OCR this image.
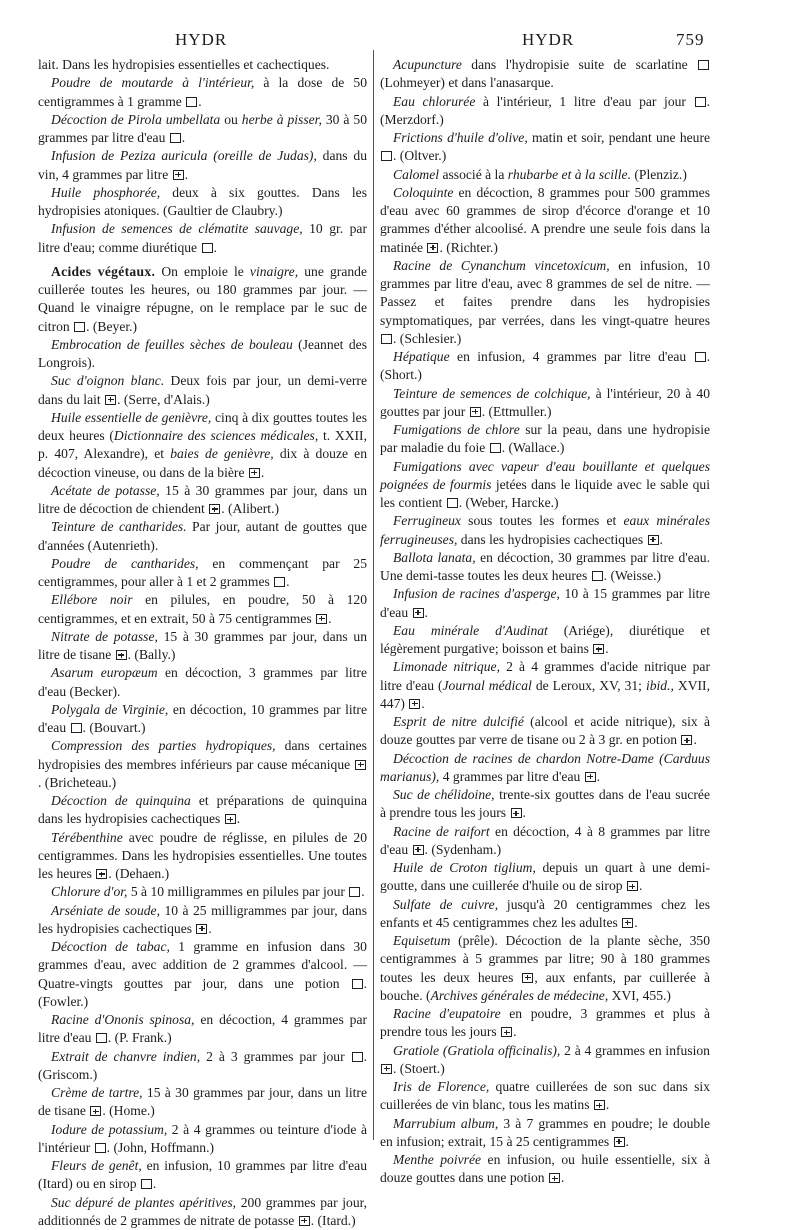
HYDR	HYDR	759

lait. Dans les hydropisies essentielles et cachectiques.

Poudre de moutarde à l'intérieur, à la dose de 50 centigrammes à 1 gramme .

Décoction de Pirola umbellata ou herbe à pisser, 30 à 50 grammes par litre d'eau .

Infusion de Peziza auricula (oreille de Judas), dans du vin, 4 grammes par litre .

Huile phosphorée, deux à six gouttes. Dans les hydropisies atoniques. (Gaultier de Claubry.)

Infusion de semences de clématite sauvage, 10 gr. par litre d'eau; comme diurétique .

Acides végétaux. On emploie le vinaigre, une grande cuillerée toutes les heures, ou 180 grammes par jour. — Quand le vinaigre répugne, on le remplace par le suc de citron . (Beyer.)

Embrocation de feuilles sèches de bouleau (Jeannet des Longrois).

Suc d'oignon blanc. Deux fois par jour, un demi-verre dans du lait . (Serre, d'Alais.)

Huile essentielle de genièvre, cinq à dix gouttes toutes les deux heures (Dictionnaire des sciences médicales, t. XXII, p. 407, Alexandre), et baies de genièvre, dix à douze en décoction vineuse, ou dans de la bière .

Acétate de potasse, 15 à 30 grammes par jour, dans un litre de décoction de chiendent . (Alibert.)

Teinture de cantharides. Par jour, autant de gouttes que d'années (Autenrieth).

Poudre de cantharides, en commençant par 25 centigrammes, pour aller à 1 et 2 grammes .

Ellébore noir en pilules, en poudre, 50 à 120 centigrammes, et en extrait, 50 à 75 centigrammes .

Nitrate de potasse, 15 à 30 grammes par jour, dans un litre de tisane . (Bally.)

Asarum europæum en décoction, 3 grammes par litre d'eau (Becker).

Polygala de Virginie, en décoction, 10 grammes par litre d'eau . (Bouvart.)

Compression des parties hydropiques, dans certaines hydropisies des membres inférieurs par cause mécanique . (Bricheteau.)

Décoction de quinquina et préparations de quinquina dans les hydropisies cachectiques .

Térébenthine avec poudre de réglisse, en pilules de 20 centigrammes. Dans les hydropisies essentielles. Une toutes les heures . (Dehaen.)

Chlorure d'or, 5 à 10 milligrammes en pilules par jour .

Arséniate de soude, 10 à 25 milligrammes par jour, dans les hydropisies cachectiques .

Décoction de tabac, 1 gramme en infusion dans 30 grammes d'eau, avec addition de 2 grammes d'alcool. — Quatre-vingts gouttes par jour, dans une potion . (Fowler.)

Racine d'Ononis spinosa, en décoction, 4 grammes par litre d'eau . (P. Frank.)

Extrait de chanvre indien, 2 à 3 grammes par jour . (Griscom.)

Crème de tartre, 15 à 30 grammes par jour, dans un litre de tisane . (Home.)

Iodure de potassium, 2 à 4 grammes ou teinture d'iode à l'intérieur . (John, Hoffmann.)

Fleurs de genêt, en infusion, 10 grammes par litre d'eau (Itard) ou en sirop .

Suc dépuré de plantes apéritives, 200 grammes par jour, additionnés de 2 grammes de nitrate de potasse . (Itard.)

Acupuncture dans l'hydropisie suite de scarlatine  (Lohmeyer) et dans l'anasarque.

Eau chlorurée à l'intérieur, 1 litre d'eau par jour . (Merzdorf.)

Frictions d'huile d'olive, matin et soir, pendant une heure . (Oltver.)

Calomel associé à la rhubarbe et à la scille. (Plenziz.)

Coloquinte en décoction, 8 grammes pour 500 grammes d'eau avec 60 grammes de sirop d'écorce d'orange et 10 grammes d'éther alcoolisé. A prendre une seule fois dans la matinée . (Richter.)

Racine de Cynanchum vincetoxicum, en infusion, 10 grammes par litre d'eau, avec 8 grammes de sel de nitre. — Passez et faites prendre dans les hydropisies symptomatiques, par verrées, dans les vingt-quatre heures . (Schlesier.)

Hépatique en infusion, 4 grammes par litre d'eau . (Short.)

Teinture de semences de colchique, à l'intérieur, 20 à 40 gouttes par jour . (Ettmuller.)

Fumigations de chlore sur la peau, dans une hydropisie par maladie du foie . (Wallace.)

Fumigations avec vapeur d'eau bouillante et quelques poignées de fourmis jetées dans le liquide avec le sable qui les contient . (Weber, Harcke.)

Ferrugineux sous toutes les formes et eaux minérales ferrugineuses, dans les hydropisies cachectiques .

Ballota lanata, en décoction, 30 grammes par litre d'eau. Une demi-tasse toutes les deux heures . (Weisse.)

Infusion de racines d'asperge, 10 à 15 grammes par litre d'eau .

Eau minérale d'Audinat (Ariége), diurétique et légèrement purgative; boisson et bains .

Limonade nitrique, 2 à 4 grammes d'acide nitrique par litre d'eau (Journal médical de Leroux, XV, 31; ibid., XVII, 447) .

Esprit de nitre dulcifié (alcool et acide nitrique), six à douze gouttes par verre de tisane ou 2 à 3 gr. en potion .

Décoction de racines de chardon Notre-Dame (Carduus marianus), 4 grammes par litre d'eau .

Suc de chélidoine, trente-six gouttes dans de l'eau sucrée à prendre tous les jours .

Racine de raifort en décoction, 4 à 8 grammes par litre d'eau . (Sydenham.)

Huile de Croton tiglium, depuis un quart à une demi-goutte, dans une cuillerée d'huile ou de sirop .

Sulfate de cuivre, jusqu'à 20 centigrammes chez les enfants et 45 centigrammes chez les adultes .

Equisetum (prêle). Décoction de la plante sèche, 350 centigrammes à 5 grammes par litre; 90 à 180 grammes toutes les deux heures , aux enfants, par cuillerée à bouche. (Archives générales de médecine, XVI, 455.)

Racine d'eupatoire en poudre, 3 grammes et plus à prendre tous les jours .

Gratiole (Gratiola officinalis), 2 à 4 grammes en infusion . (Stoert.)

Iris de Florence, quatre cuillerées de son suc dans six cuillerées de vin blanc, tous les matins .

Marrubium album, 3 à 7 grammes en poudre; le double en infusion; extrait, 15 à 25 centigrammes .

Menthe poivrée en infusion, ou huile essentielle, six à douze gouttes dans une potion .
